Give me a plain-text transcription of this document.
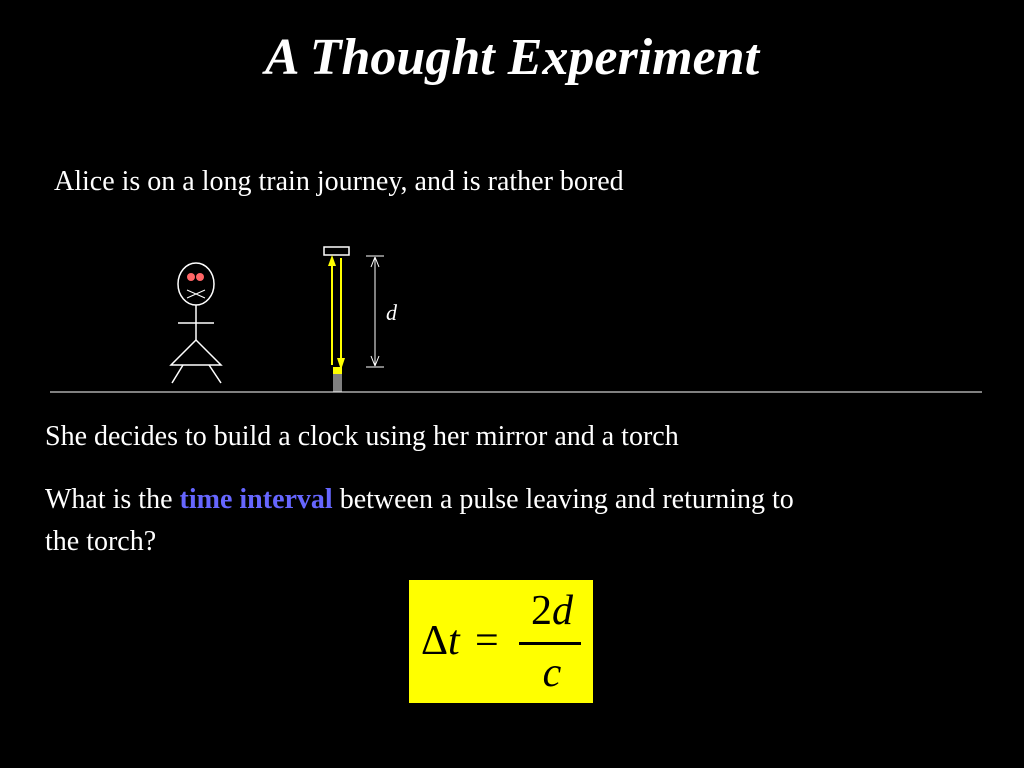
A Thought Experiment
Alice is on a long train journey, and is rather bored
d
She decides to build a clock using her mirror and a torch
What is the time interval between a pulse leaving and returning to the torch?
Δt =
2d
c
